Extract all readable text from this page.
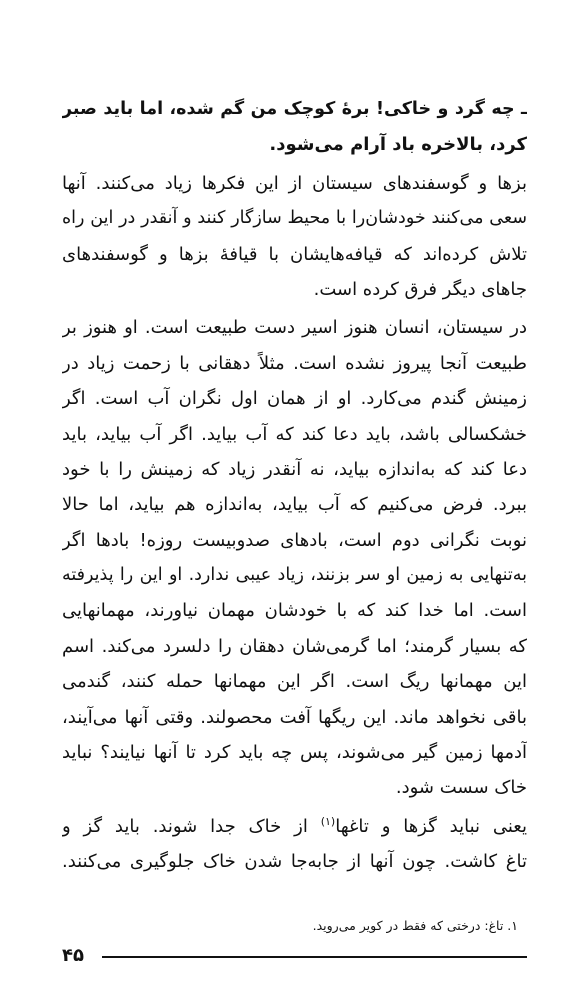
ـ چه گرد و خاکی! برهٔ کوچک من گم شده، اما باید صبر
کرد، بالاخره باد آرام می‌شود.
بزها و گوسفندهای سیستان از این فکرها زیاد می‌کنند. آنها
سعی می‌کنند خودشان‌را با محیط سازگار کنند و آنقدر در این راه
تلاش کرده‌اند که قیافه‌هایشان با قیافهٔ بزها و گوسفندهای
جاهای دیگر فرق کرده است.
در سیستان، انسان هنوز اسیر دست طبیعت است. او هنوز بر
طبیعت آنجا پیروز نشده است. مثلاً دهقانی با زحمت زیاد در
زمینش گندم می‌کارد. او از همان اول نگران آب است. اگر
خشکسالی باشد، باید دعا کند که آب بیاید. اگر آب بیاید، باید
دعا کند که به‌اندازه بیاید، نه آنقدر زیاد که زمینش را با خود
ببرد. فرض می‌کنیم که آب بیاید، به‌اندازه هم بیاید، اما حالا
نوبت نگرانی دوم است، بادهای صدوبیست روزه! بادها اگر
به‌تنهایی به زمین او سر بزنند، زیاد عیبی ندارد. او این را پذیرفته
است. اما خدا کند که با خودشان مهمان نیاورند، مهمانهایی
که بسیار گرمند؛ اما گرمی‌شان دهقان را دلسرد می‌کند. اسم
این مهمانها ریگ است. اگر این مهمانها حمله کنند، گندمی
باقی نخواهد ماند. این ریگها آفت محصولند. وقتی آنها می‌آیند،
آدمها زمین گیر می‌شوند، پس چه باید کرد تا آنها نیایند؟ نباید
خاک سست شود.
یعنی نباید گزها و تاغها$^{(۱)}$ از خاک جدا شوند. باید گز و
تاغ کاشت. چون آنها از جابه‌جا شدن خاک جلوگیری می‌کنند.
۱. تاغ: درختی که فقط در کویر می‌روید.
۴۵
